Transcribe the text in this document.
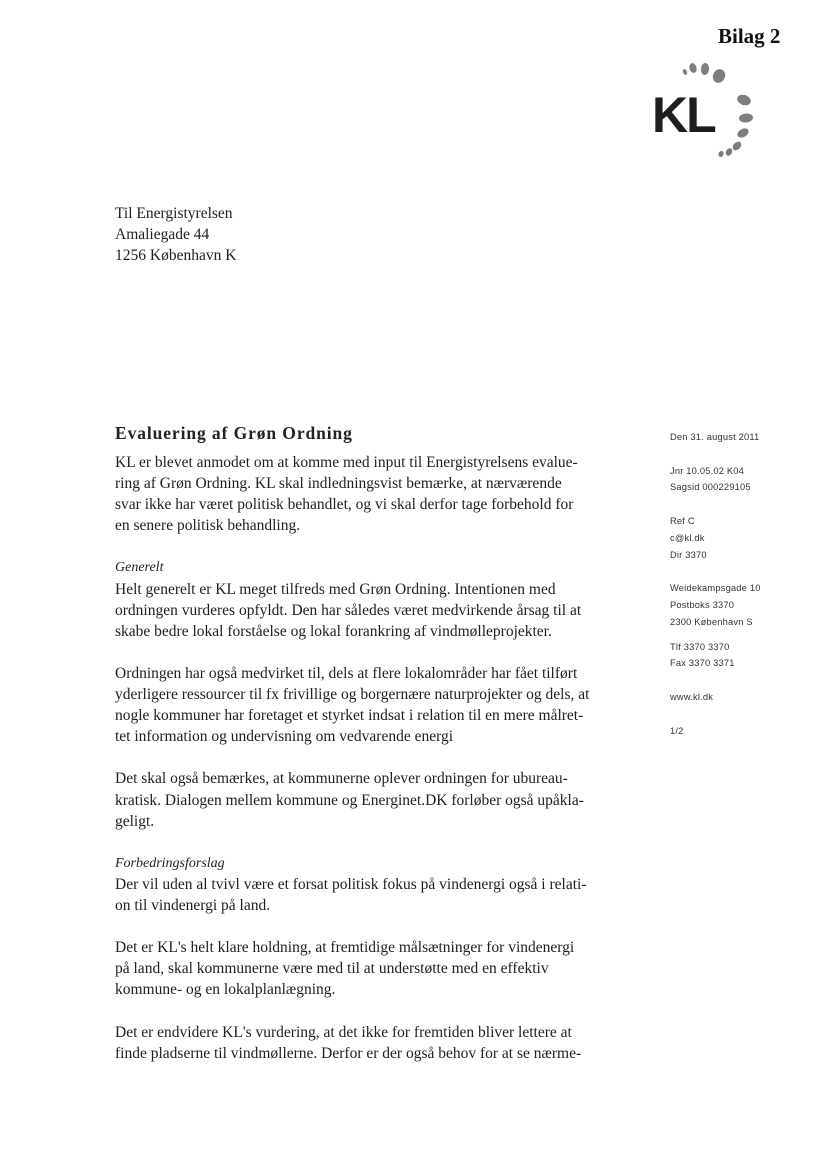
Bilag 2
KL
Til Energistyrelsen
Amaliegade 44
1256 København K
Evaluering af Grøn Ordning
KL er blevet anmodet om at komme med input til Energistyrelsens evalue-
ring af Grøn Ordning. KL skal indledningsvist bemærke, at nærværende
svar ikke har været politisk behandlet, og vi skal derfor tage forbehold for
en senere politisk behandling.
Generelt
Helt generelt er KL meget tilfreds med Grøn Ordning. Intentionen med
ordningen vurderes opfyldt. Den har således været medvirkende årsag til at
skabe bedre lokal forståelse og lokal forankring af vindmølleprojekter.
Ordningen har også medvirket til, dels at flere lokalområder har fået tilført
yderligere ressourcer til fx frivillige og borgernære naturprojekter og dels, at
nogle kommuner har foretaget et styrket indsat i relation til en mere målret-
tet information og undervisning om vedvarende energi
Det skal også bemærkes, at kommunerne oplever ordningen for ubureau-
kratisk. Dialogen mellem kommune og Energinet.DK forløber også upåkla-
geligt.
Forbedringsforslag
Der vil uden al tvivl være et forsat politisk fokus på vindenergi også i relati-
on til vindenergi på land.
Det er KL's helt klare holdning, at fremtidige målsætninger for vindenergi
på land, skal kommunerne være med til at understøtte med en effektiv
kommune- og en lokalplanlægning.
Det er endvidere KL's vurdering, at det ikke for fremtiden bliver lettere at
finde pladserne til vindmøllerne. Derfor er der også behov for at se nærme-
Den 31. august 2011
Jnr 10.05.02 K04
Sagsid 000229105
Ref C
c@kl.dk
Dir 3370
Weidekampsgade 10
Postboks 3370
2300 København S
Tlf 3370 3370
Fax 3370 3371
www.kl.dk
1/2
